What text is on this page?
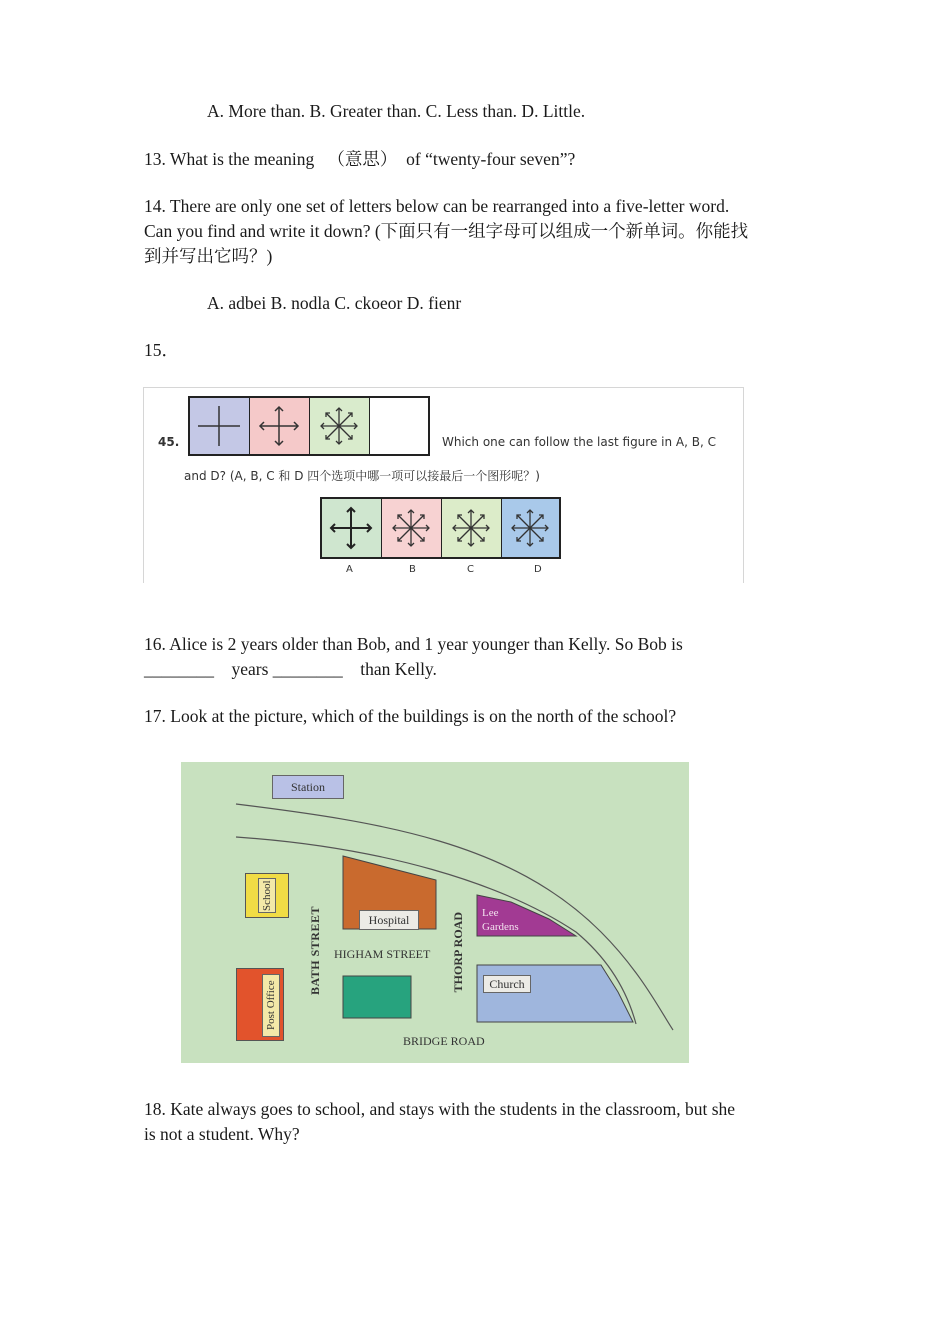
A. More than. B. Greater than. C. Less than. D. Little.
13. What is the meaning 　（意思）　of “twenty-four seven”?
14. There are only one set of letters below can be rearranged into a five-letter word.
Can you find and write it down? (下面只有一组字母可以组成一个新单词。你能找
到并写出它吗？)
A. adbei B. nodla C. ckoeor D. fienr
15．
45.	Which one can follow the last figure in A, B, C
and D? (A, B, C 和 D 四个选项中哪一项可以接最后一个图形呢？)
A	B	C	D
16. Alice is 2 years older than Bob, and 1 year younger than Kelly. So Bob is
________　years ________　than Kelly.
17. Look at the picture, which of the buildings is on the north of the school?
Station
School
Post Office
BATH STREET	Hospital
HIGHAM STREET THORP ROAD Lee
Gardens
Church
BRIDGE ROAD
18. Kate always goes to school, and stays with the students in the classroom, but she
is not a student. Why?
